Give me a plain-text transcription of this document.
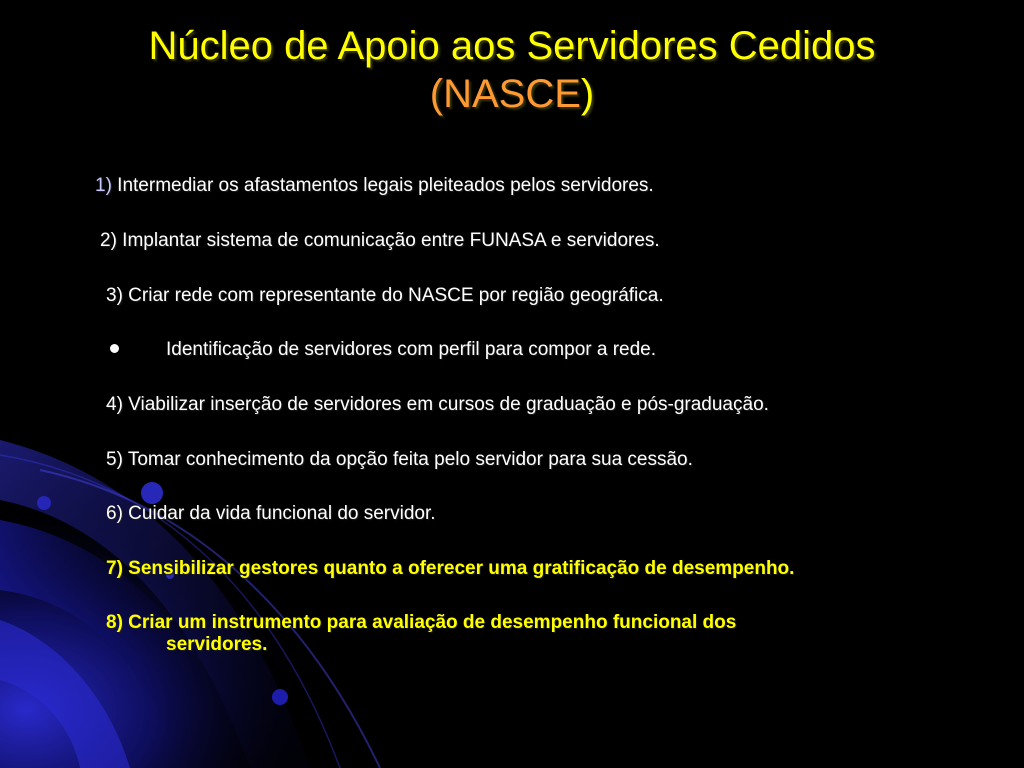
Núcleo de Apoio aos Servidores Cedidos
(NASCE)
1) Intermediar os afastamentos legais pleiteados pelos servidores.
2) Implantar sistema de comunicação entre FUNASA e servidores.
3) Criar rede com representante do NASCE por região geográfica.
Identificação de servidores com perfil para compor a rede.
4) Viabilizar inserção de servidores em cursos de graduação e pós-graduação.
5) Tomar conhecimento da opção feita pelo servidor para sua cessão.
6) Cuidar da vida funcional do servidor.
7) Sensibilizar gestores quanto a oferecer uma gratificação de desempenho.
8) Criar um instrumento para avaliação de desempenho funcional dos
servidores.
